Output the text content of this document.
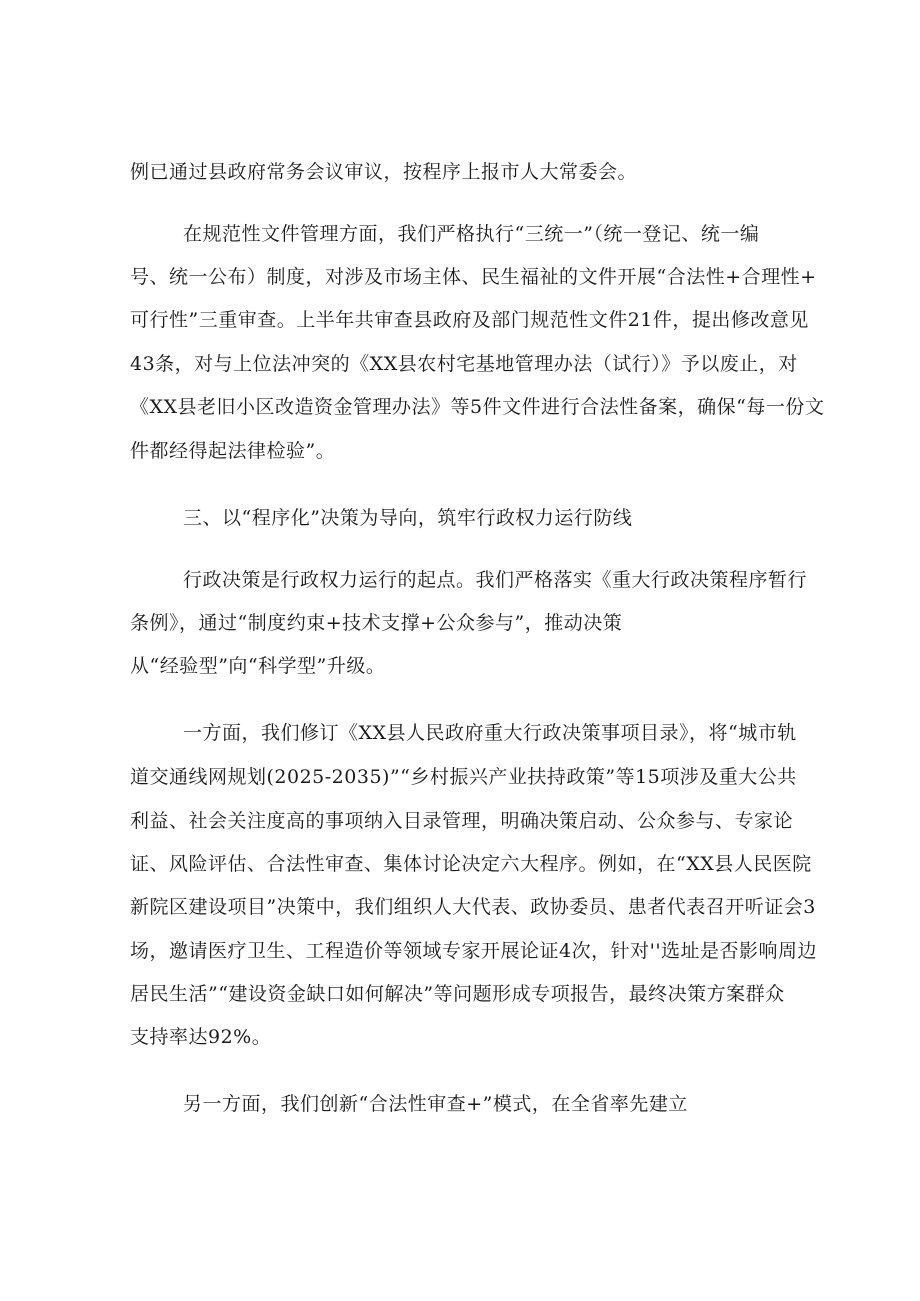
例已通过县政府常务会议审议，按程序上报市人大常委会。

在规范性文件管理方面，我们严格执行“三统一”（统一登记、统一编

号、统一公布）制度，对涉及市场主体、民生福祉的文件开展“合法性+合理性+

可行性”三重审查。上半年共审查县政府及部门规范性文件21件，提出修改意见

43条，对与上位法冲突的《XX县农村宅基地管理办法（试行）》予以废止，对

《XX县老旧小区改造资金管理办法》等5件文件进行合法性备案，确保“每一份文

件都经得起法律检验”。

三、以“程序化”决策为导向，筑牢行政权力运行防线

行政决策是行政权力运行的起点。我们严格落实《重大行政决策程序暂行

条例》，通过“制度约束+技术支撑+公众参与”，推动决策

从“经验型”向“科学型”升级。

一方面，我们修订《XX县人民政府重大行政决策事项目录》，将“城市轨

道交通线网规划(2025-2035)”“乡村振兴产业扶持政策”等15项涉及重大公共

利益、社会关注度高的事项纳入目录管理，明确决策启动、公众参与、专家论

证、风险评估、合法性审查、集体讨论决定六大程序。例如，在“XX县人民医院

新院区建设项目”决策中，我们组织人大代表、政协委员、患者代表召开听证会3

场，邀请医疗卫生、工程造价等领域专家开展论证4次，针对''选址是否影响周边

居民生活”“建设资金缺口如何解决”等问题形成专项报告，最终决策方案群众

支持率达92%。

另一方面，我们创新“合法性审查+”模式，在全省率先建立
